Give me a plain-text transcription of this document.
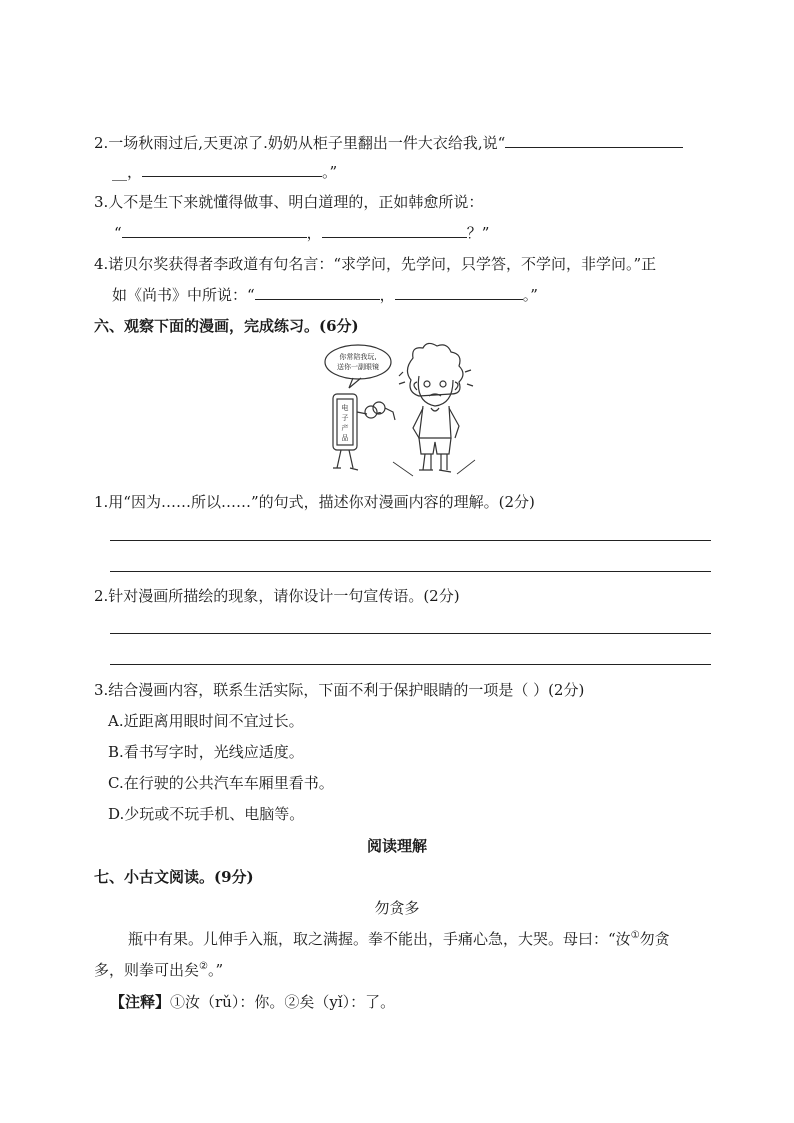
2.一场秋雨过后,天更凉了.奶奶从柜子里翻出一件大衣给我,说“
__，	。”
3.人不是生下来就懂得做事、明白道理的，正如韩愈所说：
“	，	？”
4.诺贝尔奖获得者李政道有句名言：“求学问，先学问，只学答，不学问，非学问。”正
如《尚书》中所说：“	，	。”
六、观察下面的漫画，完成练习。(6分)
你常陪我玩,
送你一副眼镜
电
子
产
品
1.用“因为……所以……”的句式，描述你对漫画内容的理解。(2分)
2.针对漫画所描绘的现象，请你设计一句宣传语。(2分)
3.结合漫画内容，联系生活实际，下面不利于保护眼睛的一项是（ ）(2分)
A.近距离用眼时间不宜过长。
B.看书写字时，光线应适度。
C.在行驶的公共汽车车厢里看书。
D.少玩或不玩手机、电脑等。
阅读理解
七、小古文阅读。(9分)
勿贪多
瓶中有果。儿伸手入瓶，取之满握。拳不能出，手痛心急，大哭。母曰：“汝①勿贪
多，则拳可出矣②。”
【注释】①汝（rǔ）：你。②矣（yǐ）：了。
